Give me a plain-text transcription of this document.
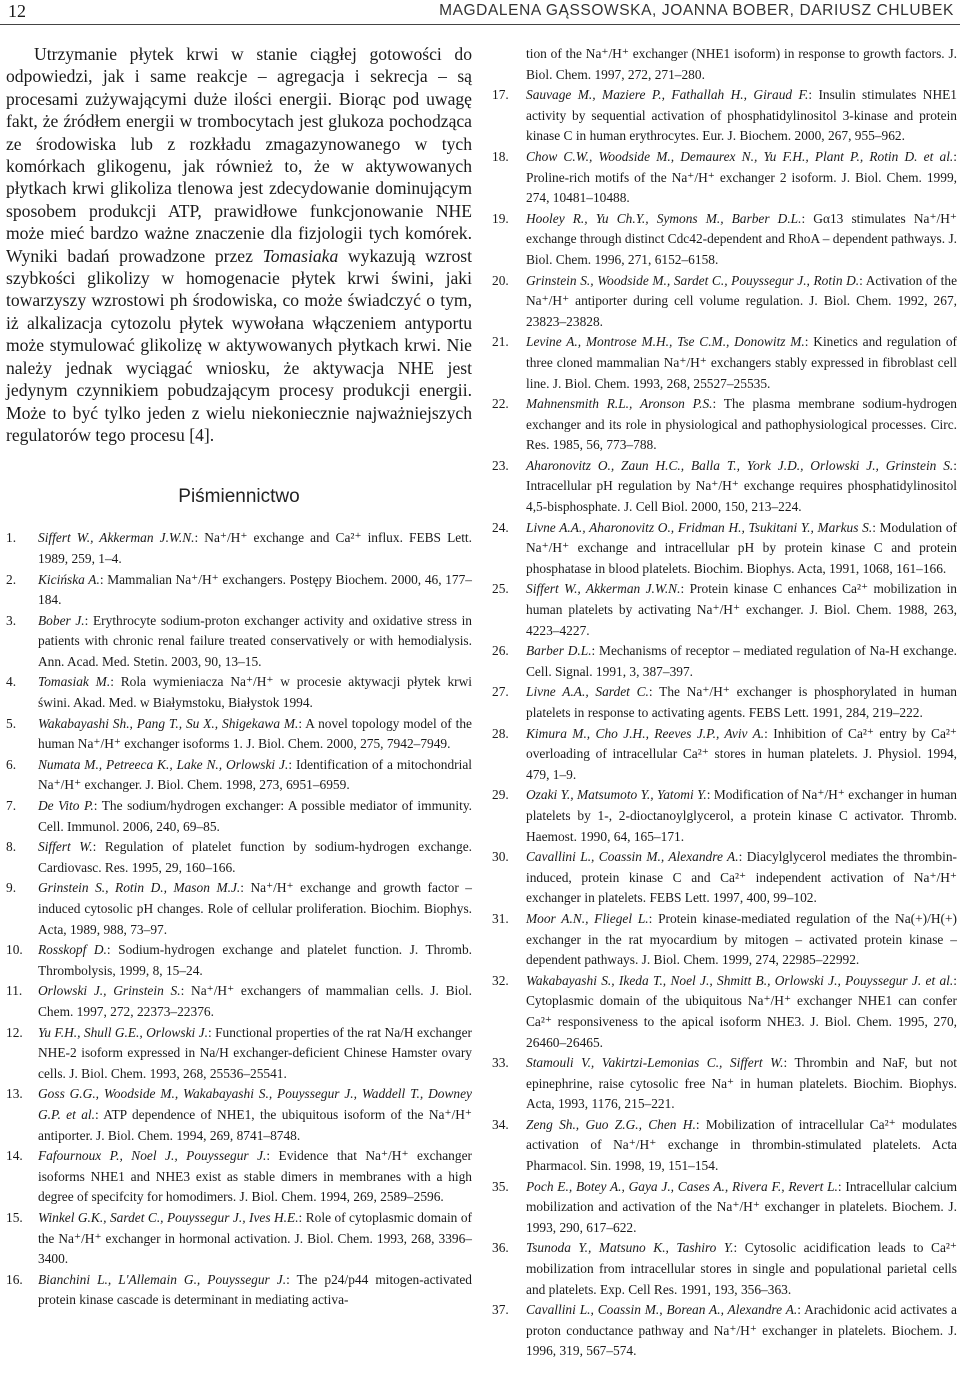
12	MAGDALENA GĄSSOWSKA, JOANNA BOBER, DARIUSZ CHLUBEK

Utrzymanie płytek krwi w stanie ciągłej gotowości do odpowiedzi, jak i same reakcje – agregacja i sekrecja – są procesami zużywającymi duże ilości energii. Biorąc pod uwagę fakt, że źródłem energii w trombocytach jest glukoza pochodząca ze środowiska lub z rozkładu zmagazynowanego w tych komórkach glikogenu, jak również to, że w aktywowanych płytkach krwi glikoliza tlenowa jest zdecydowanie dominującym sposobem produkcji ATP, prawidłowe funkcjonowanie NHE może mieć bardzo ważne znaczenie dla fizjologii tych komórek. Wyniki badań prowadzone przez Tomasiaka wykazują wzrost szybkości glikolizy w homogenacie płytek krwi świni, jaki towarzyszy wzrostowi ph środowiska, co może świadczyć o tym, iż alkalizacja cytozolu płytek wywołana włączeniem antyportu może stymulować glikolizę w aktywowanych płytkach krwi. Nie należy jednak wyciągać wniosku, że aktywacja NHE jest jedynym czynnikiem pobudzającym procesy produkcji energii. Może to być tylko jeden z wielu niekoniecznie najważniejszych regulatorów tego procesu [4].

Piśmiennictwo
1. Siffert W., Akkerman J.W.N.: Na⁺/H⁺ exchange and Ca²⁺ influx. FEBS Lett. 1989, 259, 1–4.
2. Kicińska A.: Mammalian Na⁺/H⁺ exchangers. Postępy Biochem. 2000, 46, 177–184.
3. Bober J.: Erythrocyte sodium-proton exchanger activity and oxidative stress in patients with chronic renal failure treated conservatively or with hemodialysis. Ann. Acad. Med. Stetin. 2003, 90, 13–15.
4. Tomasiak M.: Rola wymieniacza Na⁺/H⁺ w procesie aktywacji płytek krwi świni. Akad. Med. w Białymstoku, Białystok 1994.
5. Wakabayashi Sh., Pang T., Su X., Shigekawa M.: A novel topology model of the human Na⁺/H⁺ exchanger isoforms 1. J. Biol. Chem. 2000, 275, 7942–7949.
6. Numata M., Petreeca K., Lake N., Orlowski J.: Identification of a mitochondrial Na⁺/H⁺ exchanger. J. Biol. Chem. 1998, 273, 6951–6959.
7. De Vito P.: The sodium/hydrogen exchanger: A possible mediator of immunity. Cell. Immunol. 2006, 240, 69–85.
8. Siffert W.: Regulation of platelet function by sodium-hydrogen exchange. Cardiovasc. Res. 1995, 29, 160–166.
9. Grinstein S., Rotin D., Mason M.J.: Na⁺/H⁺ exchange and growth factor – induced cytosolic pH changes. Role of cellular proliferation. Biochim. Biophys. Acta, 1989, 988, 73–97.
10. Rosskopf D.: Sodium-hydrogen exchange and platelet function. J. Thromb. Thrombolysis, 1999, 8, 15–24.
11. Orlowski J., Grinstein S.: Na⁺/H⁺ exchangers of mammalian cells. J. Biol. Chem. 1997, 272, 22373–22376.
12. Yu F.H., Shull G.E., Orlowski J.: Functional properties of the rat Na/H exchanger NHE-2 isoform expressed in Na/H exchanger-deficient Chinese Hamster ovary cells. J. Biol. Chem. 1993, 268, 25536–25541.
13. Goss G.G., Woodside M., Wakabayashi S., Pouyssegur J., Waddell T., Downey G.P. et al.: ATP dependence of NHE1, the ubiquitous isoform of the Na⁺/H⁺ antiporter. J. Biol. Chem. 1994, 269, 8741–8748.
14. Fafournoux P., Noel J., Pouyssegur J.: Evidence that Na⁺/H⁺ exchanger isoforms NHE1 and NHE3 exist as stable dimers in membranes with a high degree of specifcity for homodimers. J. Biol. Chem. 1994, 269, 2589–2596.
15. Winkel G.K., Sardet C., Pouyssegur J., Ives H.E.: Role of cytoplasmic domain of the Na⁺/H⁺ exchanger in hormonal activation. J. Biol. Chem. 1993, 268, 3396–3400.
16. Bianchini L., L'Allemain G., Pouyssegur J.: The p24/p44 mitogen-activated protein kinase cascade is determinant in mediating activa-
tion of the Na⁺/H⁺ exchanger (NHE1 isoform) in response to growth factors. J. Biol. Chem. 1997, 272, 271–280.
17. Sauvage M., Maziere P., Fathallah H., Giraud F.: Insulin stimulates NHE1 activity by sequential activation of phosphatidylinositol 3-kinase and protein kinase C in human erythrocytes. Eur. J. Biochem. 2000, 267, 955–962.
18. Chow C.W., Woodside M., Demaurex N., Yu F.H., Plant P., Rotin D. et al.: Proline-rich motifs of the Na⁺/H⁺ exchanger 2 isoform. J. Biol. Chem. 1999, 274, 10481–10488.
19. Hooley R., Yu Ch.Y., Symons M., Barber D.L.: Gα13 stimulates Na⁺/H⁺ exchange through distinct Cdc42-dependent and RhoA – dependent pathways. J. Biol. Chem. 1996, 271, 6152–6158.
20. Grinstein S., Woodside M., Sardet C., Pouyssegur J., Rotin D.: Activation of the Na⁺/H⁺ antiporter during cell volume regulation. J. Biol. Chem. 1992, 267, 23823–23828.
21. Levine A., Montrose M.H., Tse C.M., Donowitz M.: Kinetics and regulation of three cloned mammalian Na⁺/H⁺ exchangers stably expressed in fibroblast cell line. J. Biol. Chem. 1993, 268, 25527–25535.
22. Mahnensmith R.L., Aronson P.S.: The plasma membrane sodium-hydrogen exchanger and its role in physiological and pathophysiological processes. Circ. Res. 1985, 56, 773–788.
23. Aharonovitz O., Zaun H.C., Balla T., York J.D., Orlowski J., Grinstein S.: Intracellular pH regulation by Na⁺/H⁺ exchange requires phosphatidylinositol 4,5-bisphosphate. J. Cell Biol. 2000, 150, 213–224.
24. Livne A.A., Aharonovitz O., Fridman H., Tsukitani Y., Markus S.: Modulation of Na⁺/H⁺ exchange and intracellular pH by protein kinase C and protein phosphatase in blood platelets. Biochim. Biophys. Acta, 1991, 1068, 161–166.
25. Siffert W., Akkerman J.W.N.: Protein kinase C enhances Ca²⁺ mobilization in human platelets by activating Na⁺/H⁺ exchanger. J. Biol. Chem. 1988, 263, 4223–4227.
26. Barber D.L.: Mechanisms of receptor – mediated regulation of Na-H exchange. Cell. Signal. 1991, 3, 387–397.
27. Livne A.A., Sardet C.: The Na⁺/H⁺ exchanger is phosphorylated in human platelets in response to activating agents. FEBS Lett. 1991, 284, 219–222.
28. Kimura M., Cho J.H., Reeves J.P., Aviv A.: Inhibition of Ca²⁺ entry by Ca²⁺ overloading of intracellular Ca²⁺ stores in human platelets. J. Physiol. 1994, 479, 1–9.
29. Ozaki Y., Matsumoto Y., Yatomi Y.: Modification of Na⁺/H⁺ exchanger in human platelets by 1-, 2-dioctanoylglycerol, a protein kinase C activator. Thromb. Haemost. 1990, 64, 165–171.
30. Cavallini L., Coassin M., Alexandre A.: Diacylglycerol mediates the thrombin-induced, protein kinase C and Ca²⁺ independent activation of Na⁺/H⁺ exchanger in platelets. FEBS Lett. 1997, 400, 99–102.
31. Moor A.N., Fliegel L.: Protein kinase-mediated regulation of the Na(+)/H(+) exchanger in the rat myocardium by mitogen – activated protein kinase – dependent pathways. J. Biol. Chem. 1999, 274, 22985–22992.
32. Wakabayashi S., Ikeda T., Noel J., Shmitt B., Orlowski J., Pouyssegur J. et al.: Cytoplasmic domain of the ubiquitous Na⁺/H⁺ exchanger NHE1 can confer Ca²⁺ responsiveness to the apical isoform NHE3. J. Biol. Chem. 1995, 270, 26460–26465.
33. Stamouli V., Vakirtzi-Lemonias C., Siffert W.: Thrombin and NaF, but not epinephrine, raise cytosolic free Na⁺ in human platelets. Biochim. Biophys. Acta, 1993, 1176, 215–221.
34. Zeng Sh., Guo Z.G., Chen H.: Mobilization of intracellular Ca²⁺ modulates activation of Na⁺/H⁺ exchange in thrombin-stimulated platelets. Acta Pharmacol. Sin. 1998, 19, 151–154.
35. Poch E., Botey A., Gaya J., Cases A., Rivera F., Revert L.: Intracellular calcium mobilization and activation of the Na⁺/H⁺ exchanger in platelets. Biochem. J. 1993, 290, 617–622.
36. Tsunoda Y., Matsuno K., Tashiro Y.: Cytosolic acidification leads to Ca²⁺ mobilization from intracellular stores in single and populational parietal cells and platelets. Exp. Cell Res. 1991, 193, 356–363.
37. Cavallini L., Coassin M., Borean A., Alexandre A.: Arachidonic acid activates a proton conductance pathway and Na⁺/H⁺ exchanger in platelets. Biochem. J. 1996, 319, 567–574.
